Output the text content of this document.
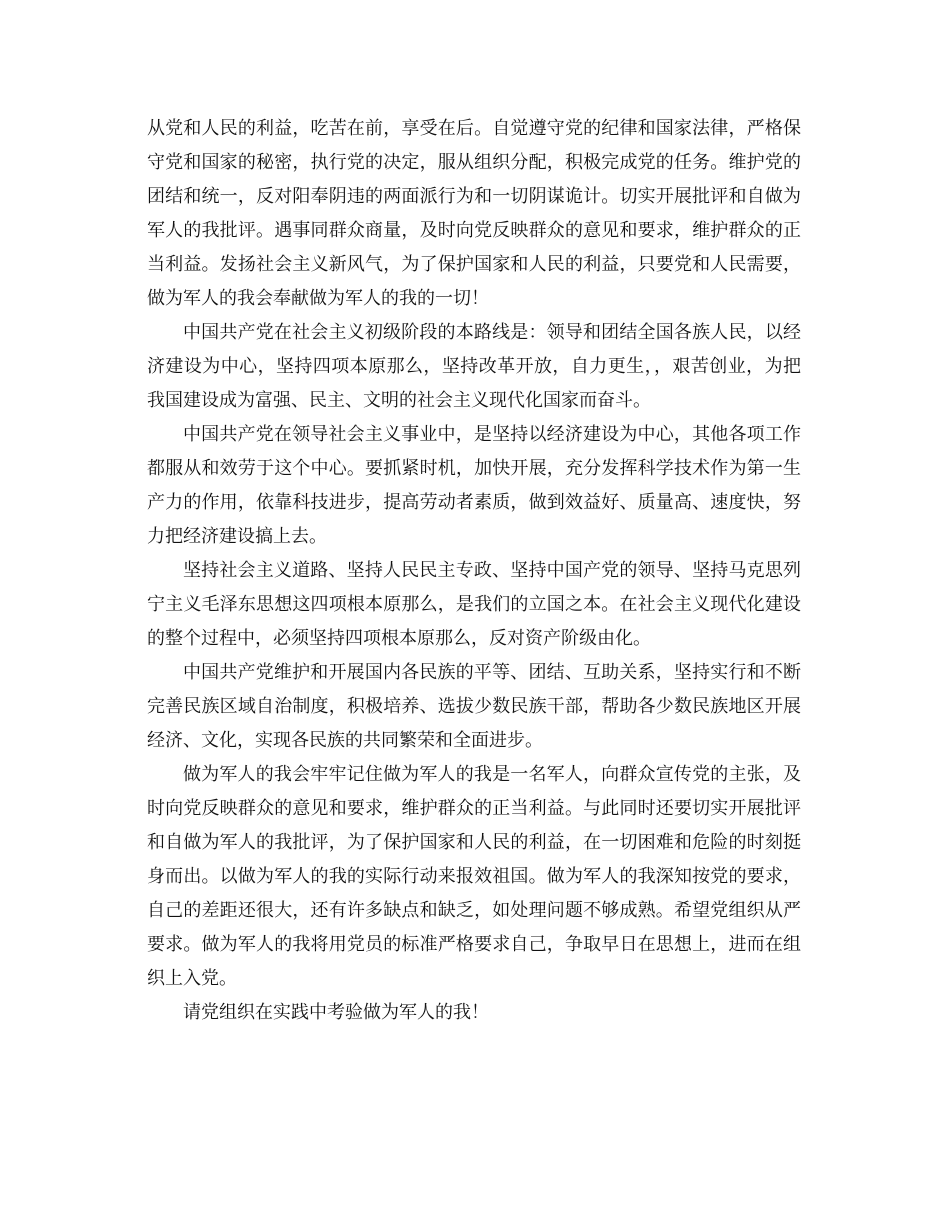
从党和人民的利益，吃苦在前，享受在后。自觉遵守党的纪律和国家法律，严格保守党和国家的秘密，执行党的决定，服从组织分配，积极完成党的任务。维护党的团结和统一，反对阳奉阴违的两面派行为和一切阴谋诡计。切实开展批评和自做为军人的我批评。遇事同群众商量，及时向党反映群众的意见和要求，维护群众的正当利益。发扬社会主义新风气，为了保护国家和人民的利益，只要党和人民需要，做为军人的我会奉献做为军人的我的一切！

中国共产党在社会主义初级阶段的本路线是：领导和团结全国各族人民，以经济建设为中心，坚持四项本原那么，坚持改革开放，自力更生，，艰苦创业，为把我国建设成为富强、民主、文明的社会主义现代化国家而奋斗。

中国共产党在领导社会主义事业中，是坚持以经济建设为中心，其他各项工作都服从和效劳于这个中心。要抓紧时机，加快开展，充分发挥科学技术作为第一生产力的作用，依靠科技进步，提高劳动者素质，做到效益好、质量高、速度快，努力把经济建设搞上去。

坚持社会主义道路、坚持人民民主专政、坚持中国产党的领导、坚持马克思列宁主义毛泽东思想这四项根本原那么，是我们的立国之本。在社会主义现代化建设的整个过程中，必须坚持四项根本原那么，反对资产阶级由化。

中国共产党维护和开展国内各民族的平等、团结、互助关系，坚持实行和不断完善民族区域自治制度，积极培养、选拔少数民族干部，帮助各少数民族地区开展经济、文化，实现各民族的共同繁荣和全面进步。

做为军人的我会牢牢记住做为军人的我是一名军人，向群众宣传党的主张，及时向党反映群众的意见和要求，维护群众的正当利益。与此同时还要切实开展批评和自做为军人的我批评，为了保护国家和人民的利益，在一切困难和危险的时刻挺身而出。以做为军人的我的实际行动来报效祖国。做为军人的我深知按党的要求，自己的差距还很大，还有许多缺点和缺乏，如处理问题不够成熟。希望党组织从严要求。做为军人的我将用党员的标准严格要求自己，争取早日在思想上，进而在组织上入党。

请党组织在实践中考验做为军人的我！
